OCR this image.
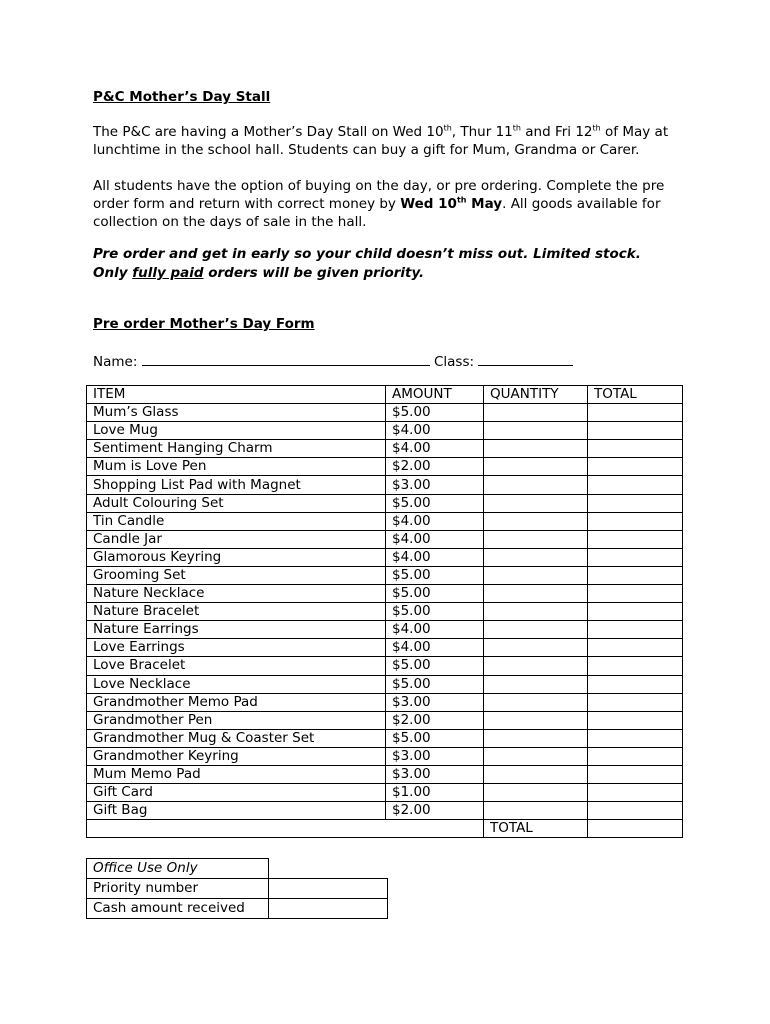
P&C Mother’s Day Stall
The P&C are having a Mother’s Day Stall on Wed 10th, Thur 11th and Fri 12th of May at lunchtime in the school hall. Students can buy a gift for Mum, Grandma or Carer.
All students have the option of buying on the day, or pre ordering. Complete the pre order form and return with correct money by Wed 10th May. All goods available for collection on the days of sale in the hall.
Pre order and get in early so your child doesn’t miss out. Limited stock.
Only fully paid orders will be given priority.
Pre order Mother’s Day Form
Name:	Class:
ITEM	AMOUNT	QUANTITY	TOTAL
Mum’s Glass	$5.00		
Love Mug	$4.00		
Sentiment Hanging Charm	$4.00		
Mum is Love Pen	$2.00		
Shopping List Pad with Magnet	$3.00		
Adult Colouring Set	$5.00		
Tin Candle	$4.00		
Candle Jar	$4.00		
Glamorous Keyring	$4.00		
Grooming Set	$5.00		
Nature Necklace	$5.00		
Nature Bracelet	$5.00		
Nature Earrings	$4.00		
Love Earrings	$4.00		
Love Bracelet	$5.00		
Love Necklace	$5.00		
Grandmother Memo Pad	$3.00		
Grandmother Pen	$2.00		
Grandmother Mug & Coaster Set	$5.00		
Grandmother Keyring	$3.00		
Mum Memo Pad	$3.00		
Gift Card	$1.00		
Gift Bag	$2.00		
		TOTAL	
Office Use Only	
Priority number	
Cash amount received	
